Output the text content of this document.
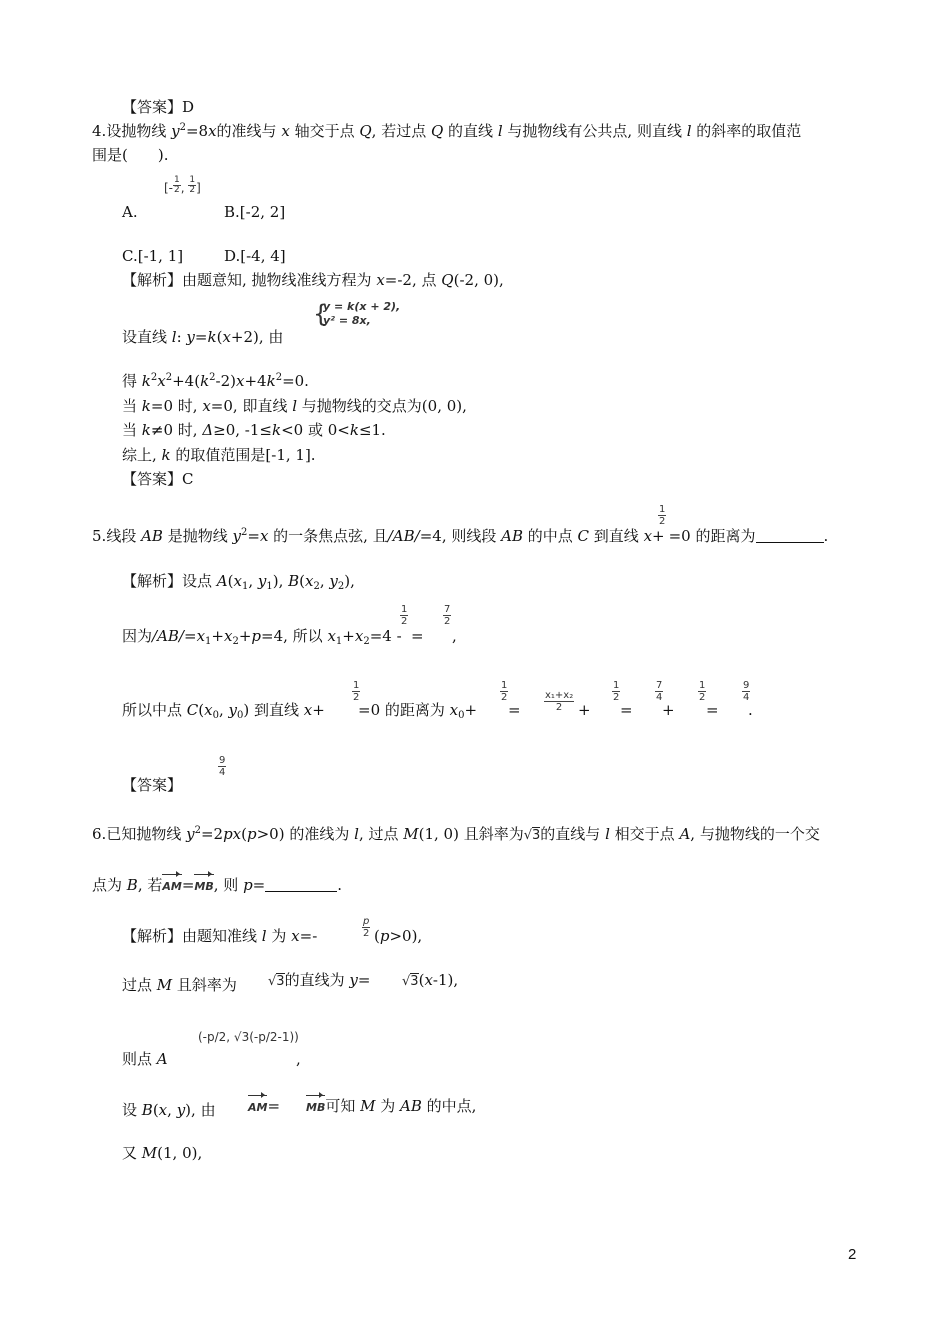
【答案】D
4.设抛物线 $y^2=8x$的准线与 x 轴交于点 Q, 若过点 Q 的直线 l 与抛物线有公共点, 则直线 l 的斜率的取值范
围是(　　).
A.
[- $\frac{1}{2}$ , $\frac{1}{2}$ ]
B.[-2, 2]
C.[-1, 1]	D.[-4, 4]
【解析】由题意知, 抛物线准线方程为 x=-2, 点 Q(-2, 0),
{
y = k(x + 2),
y² = 8x,
设直线 l: y=k(x+2), 由
得 $k^2x^2+4(k^2-2)x+4k^2=0$.
当 k=0 时, x=0, 即直线 l 与抛物线的交点为(0, 0),
当 k≠0 时, Δ≥0, -1≤k<0 或 0<k≤1.
综上, k 的取值范围是[-1, 1].
【答案】C
$\frac{1}{2}$
5.线段 AB 是抛物线 $y^2=x$ 的一条焦点弦, 且/AB/=4, 则线段 AB 的中点 C 到直线 x+ =0 的距离为	.
【解析】设点 $A(x_1$, $y_1$), $B(x_2$, $y_2$),
$\frac{1}{2}$	$\frac{7}{2}$
因为$/AB/=x_1+x_2+p=4$, 所以 $x_1+x_2=4$ - = ,
$\frac{1}{2}$	$\frac{1}{2}$	$\frac{\text{x₁+x₂}}{2}$	$\frac{1}{2}$	$\frac{7}{4}$	$\frac{1}{2}$	$\frac{9}{4}$
所以中点 $C(x_0$, $y_0$) 到直线 x+ =0 的距离为 $x_0+$ =	+ = + = .
$\frac{9}{4}$
【答案】
6.已知抛物线 $y^2=2px(p>0)$ 的准线为 l, 过点 M(1, 0) 且斜率为√3的直线与 l 相交于点 A, 与抛物线的一个交
点为 B, 若AM=MB, 则 p=	.
$\frac{p}{2}$
【解析】由题知准线 l 为 x=-	(p>0),
过点 M 且斜率为 √3的直线为 y= √3(x-1),
(-p/2, √3(-p/2-1))
则点 A	,
设 B(x, y), 由	AM= MB可知 M 为 AB 的中点,
又 M(1, 0),
2
